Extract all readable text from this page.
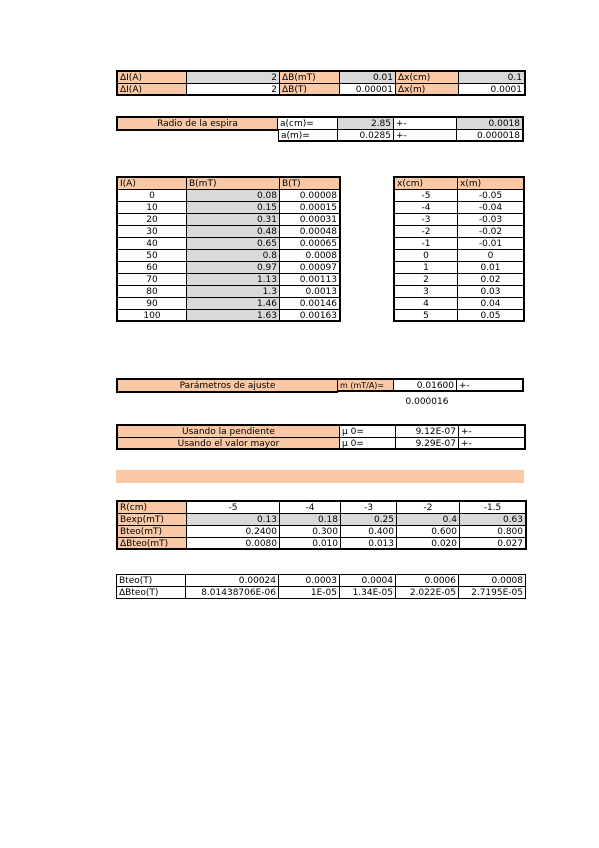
ΔI(A)	2 ΔB(mT)	0.01 Δx(cm)	0.1
ΔI(A)	2 ΔB(T)	0.00001 Δx(m)	0.0001
Radio de la espira	a(cm)=	2.85 +-	0.0018
a(m)=	0.0285 +-	0.000018
I(A)	B(mT)	B(T)
0	0.08	0.00008
10	0.15	0.00015
20	0.31	0.00031
30	0.48	0.00048
40	0.65	0.00065
50	0.8	0.0008
60	0.97	0.00097
70	1.13	0.00113
80	1.3	0.0013
90	1.46	0.00146
100	1.63	0.00163
x(cm)	x(m)
-5	-0.05
-4	-0.04
-3	-0.03
-2	-0.02
-1	-0.01
0	0
1	0.01
2	0.02
3	0.03
4	0.04
5	0.05
Parámetros de ajuste	m (mT/A)=	0.01600 +-
0.000016
Usando la pendiente	μ 0=	9.12E-07 +-
Usando el valor mayor	μ 0=	9.29E-07 +-
R(cm)	-5	-4	-3	-2	-1.5
Bexp(mT)	0.13	0.18	0.25	0.4	0.63
Bteo(mT)	0.2400	0.300	0.400	0.600	0.800
ΔBteo(mT)	0.0080	0.010	0.013	0.020	0.027
Bteo(T)	0.00024	0.0003	0.0004	0.0006	0.0008
ΔBteo(T)	8.01438706E-06	1E-05	1.34E-05	2.022E-05	2.7195E-05
